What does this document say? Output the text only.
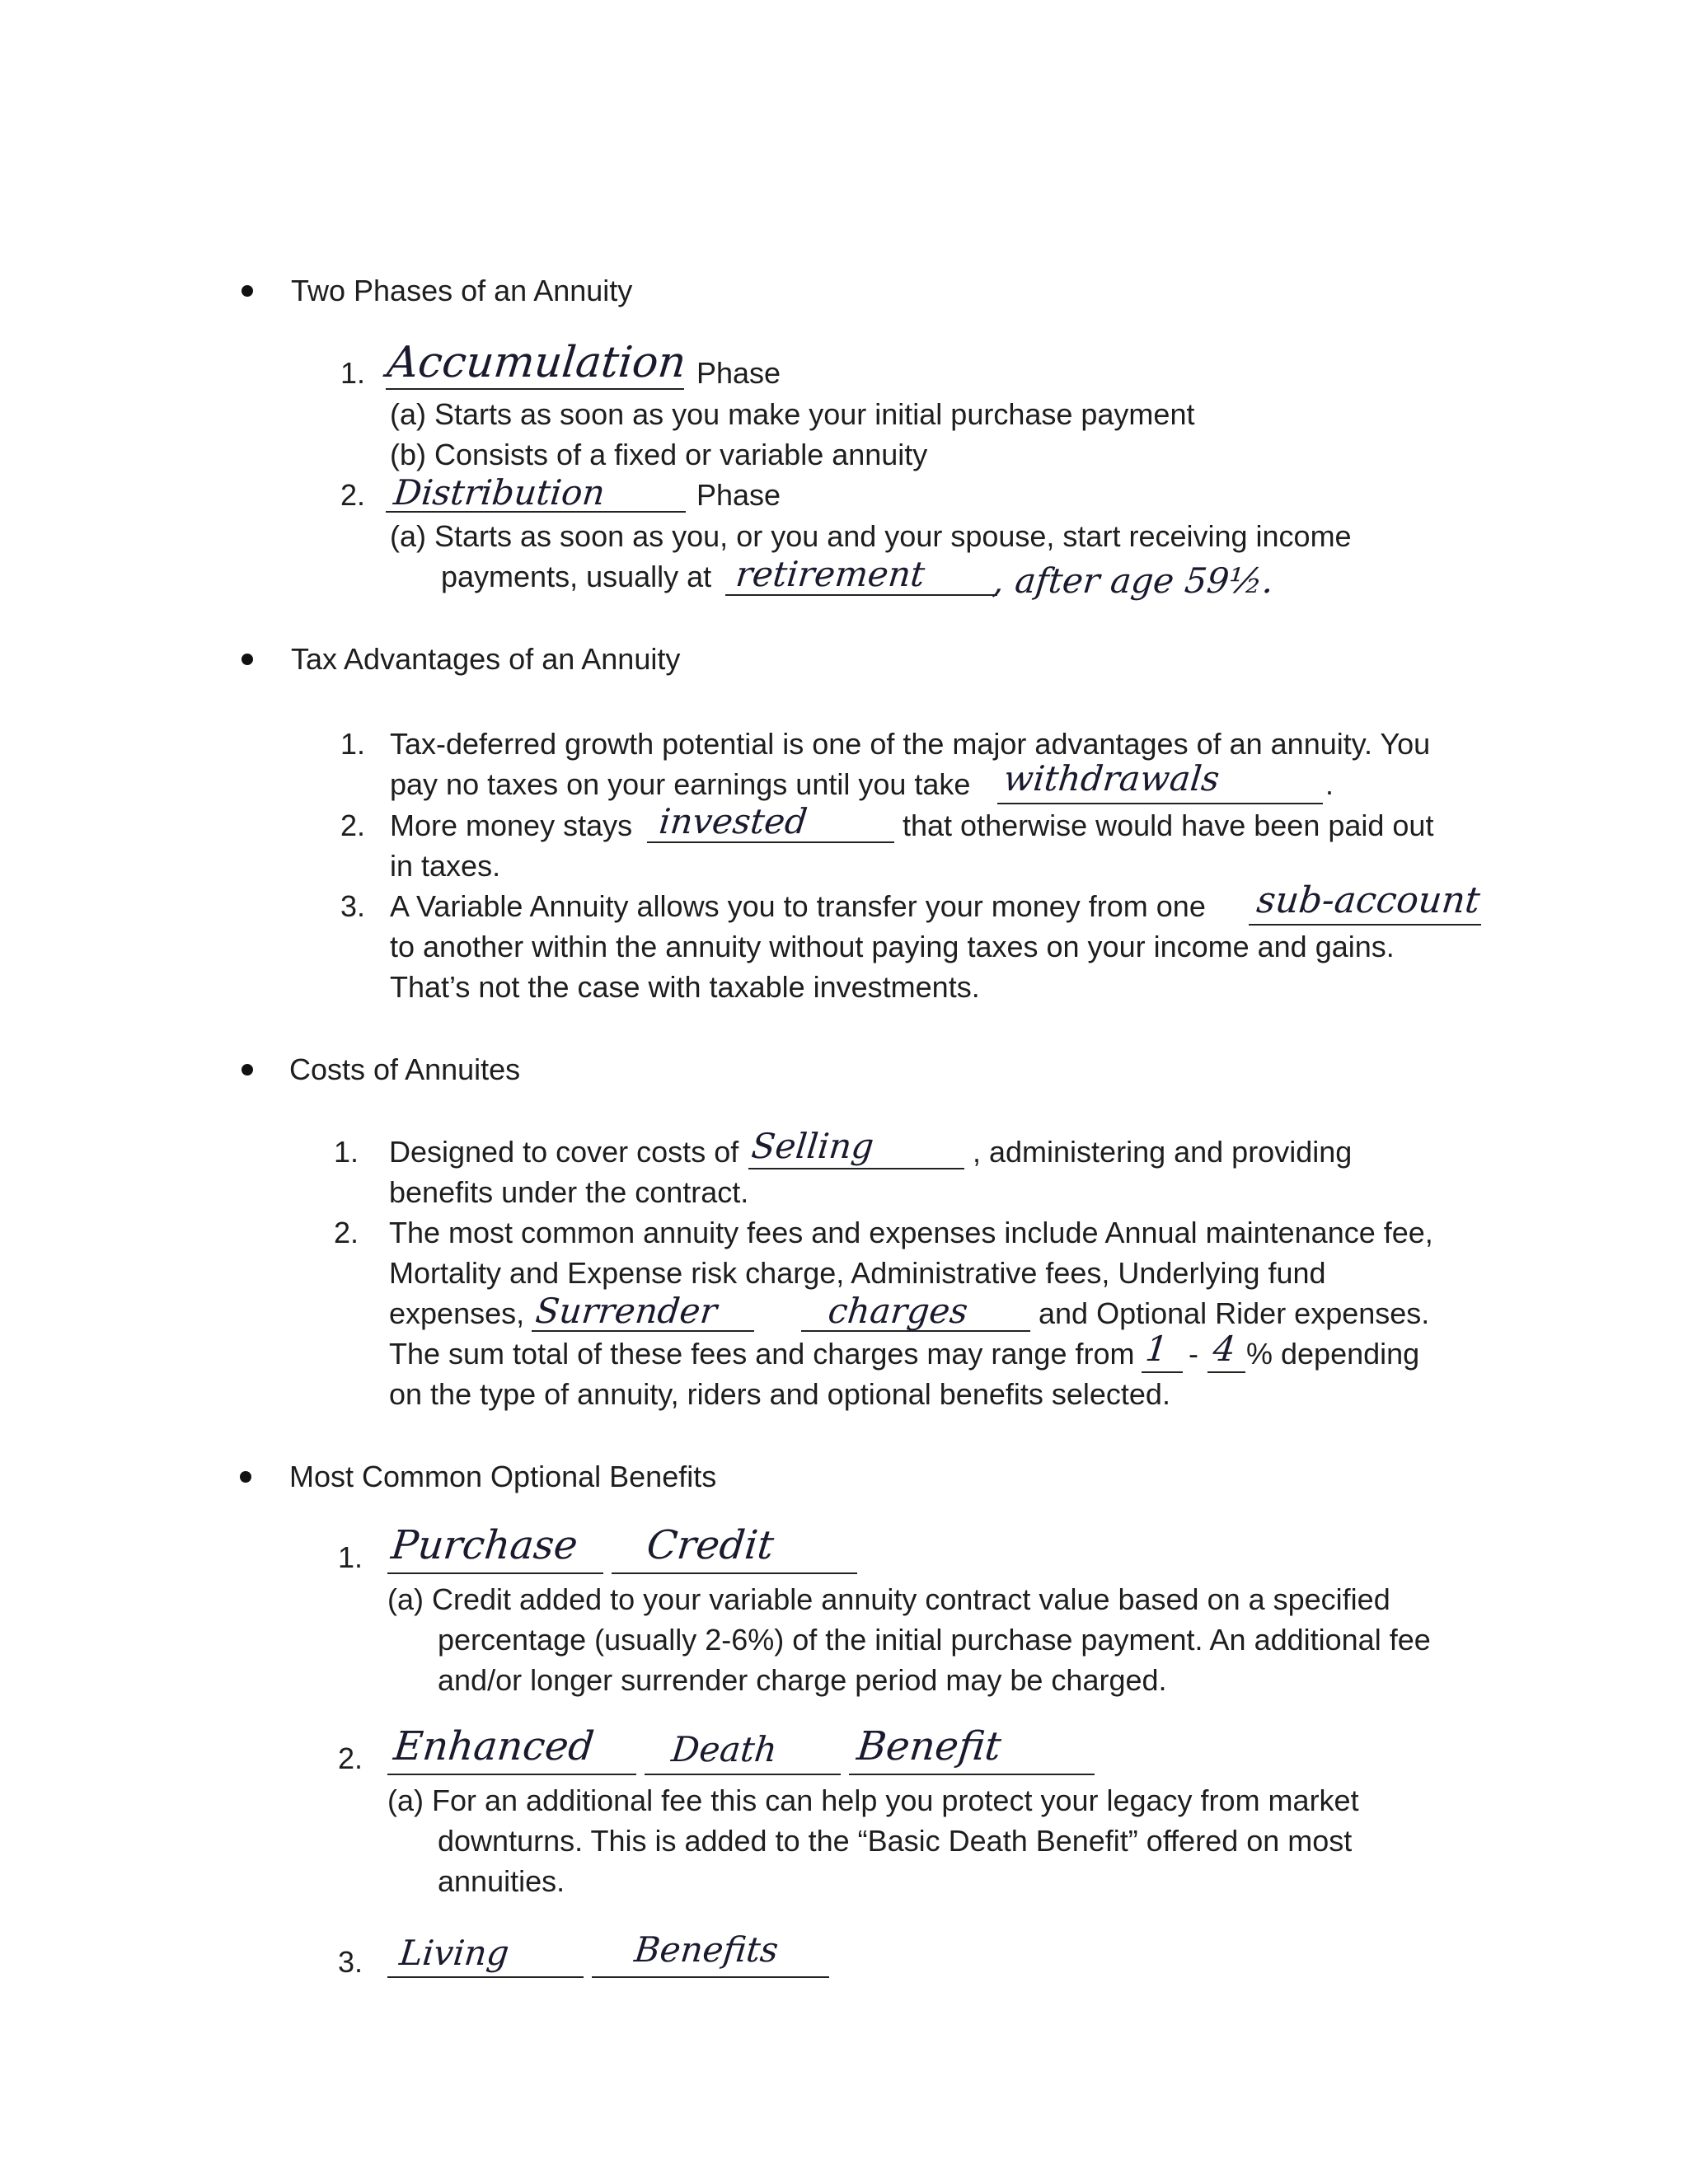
Two Phases of an Annuity
1. Accumulation Phase
(a) Starts as soon as you make your initial purchase payment
(b) Consists of a fixed or variable annuity
2. Distribution	Phase
(a) Starts as soon as you, or you and your spouse, start receiving income
payments, usually at retirement , after age 59½.
Tax Advantages of an Annuity
1. Tax-deferred growth potential is one of the major advantages of an annuity. You
pay no taxes on your earnings until you take withdrawals	.
2. More money stays invested	that otherwise would have been paid out
in taxes.
3. A Variable Annuity allows you to transfer your money from one sub-account
to another within the annuity without paying taxes on your income and gains.
That’s not the case with taxable investments.
Costs of Annuites
1. Designed to cover costs of Selling	, administering and providing
benefits under the contract.
2. The most common annuity fees and expenses include Annual maintenance fee,
Mortality and Expense risk charge, Administrative fees, Underlying fund
expenses, Surrender	charges and Optional Rider expenses.
The sum total of these fees and charges may range from 1 - 4 % depending
on the type of annuity, riders and optional benefits selected.
Most Common Optional Benefits
1. Purchase Credit
(a) Credit added to your variable annuity contract value based on a specified
percentage (usually 2-6%) of the initial purchase payment. An additional fee
and/or longer surrender charge period may be charged.
2. Enhanced Death Benefit
(a) For an additional fee this can help you protect your legacy from market
downturns. This is added to the “Basic Death Benefit” offered on most
annuities.
3. Living	Benefits
